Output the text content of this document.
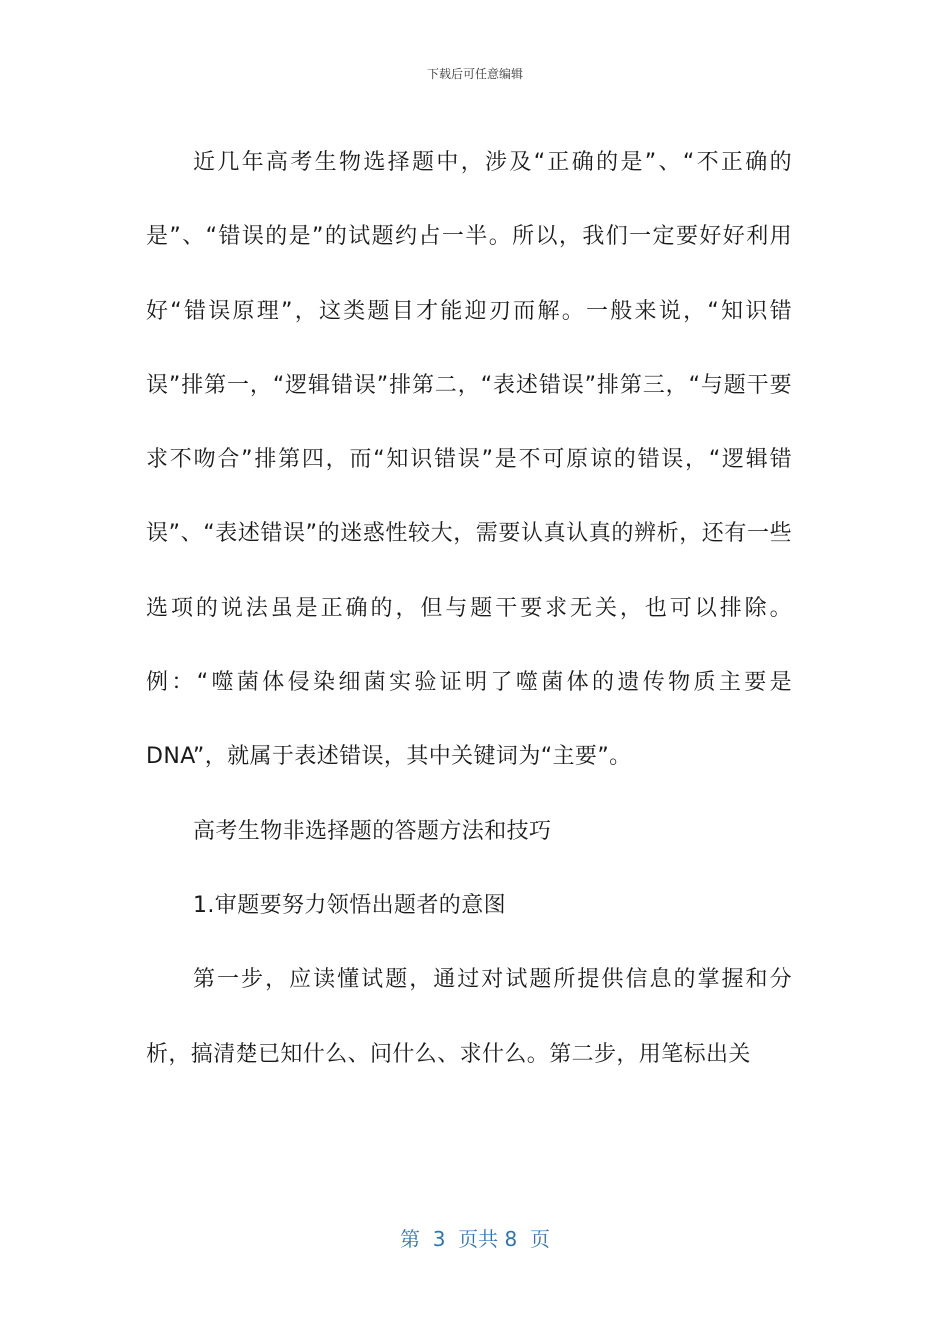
下载后可任意编辑

近几年高考生物选择题中，涉及“正确的是”、“不正确的是”、“错误的是”的试题约占一半。所以，我们一定要好好利用好“错误原理”，这类题目才能迎刃而解。一般来说，“知识错误”排第一，“逻辑错误”排第二，“表述错误”排第三，“与题干要求不吻合”排第四，而“知识错误”是不可原谅的错误，“逻辑错误”、“表述错误”的迷惑性较大，需要认真认真的辨析，还有一些选项的说法虽是正确的，但与题干要求无关，也可以排除。例：“噬菌体侵染细菌实验证明了噬菌体的遗传物质主要是DNA”，就属于表述错误，其中关键词为“主要”。

高考生物非选择题的答题方法和技巧

1.审题要努力领悟出题者的意图

第一步，应读懂试题，通过对试题所提供信息的掌握和分析，搞清楚已知什么、问什么、求什么。第二步，用笔标出关

第  3  页共 8  页
